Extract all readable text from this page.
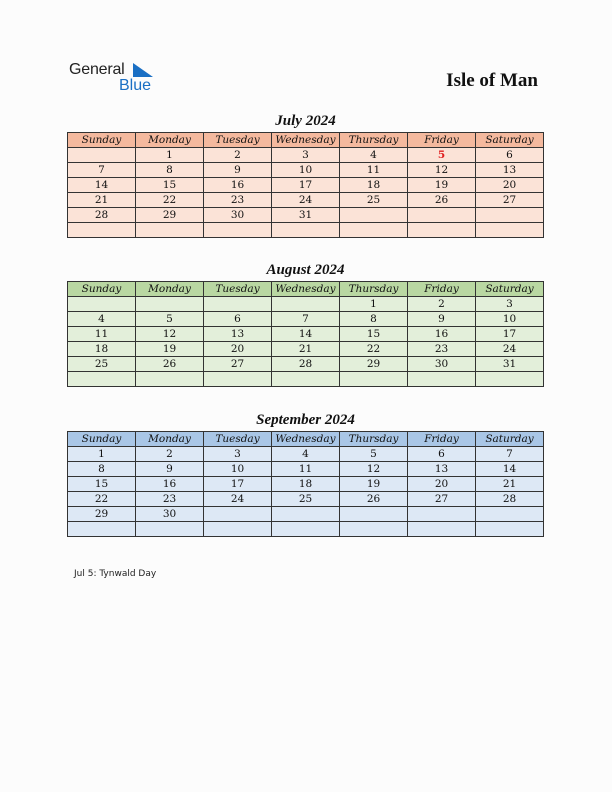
General
Blue	Isle of Man
July 2024
Sunday	Monday	Tuesday	Wednesday	Thursday	Friday	Saturday
	1	2	3	4	5	6
7	8	9	10	11	12	13
14	15	16	17	18	19	20
21	22	23	24	25	26	27
28	29	30	31			

August 2024
Sunday	Monday	Tuesday	Wednesday	Thursday	Friday	Saturday
				1	2	3
4	5	6	7	8	9	10
11	12	13	14	15	16	17
18	19	20	21	22	23	24
25	26	27	28	29	30	31

September 2024
Sunday	Monday	Tuesday	Wednesday	Thursday	Friday	Saturday
1	2	3	4	5	6	7
8	9	10	11	12	13	14
15	16	17	18	19	20	21
22	23	24	25	26	27	28
29	30					

Jul 5: Tynwald Day
